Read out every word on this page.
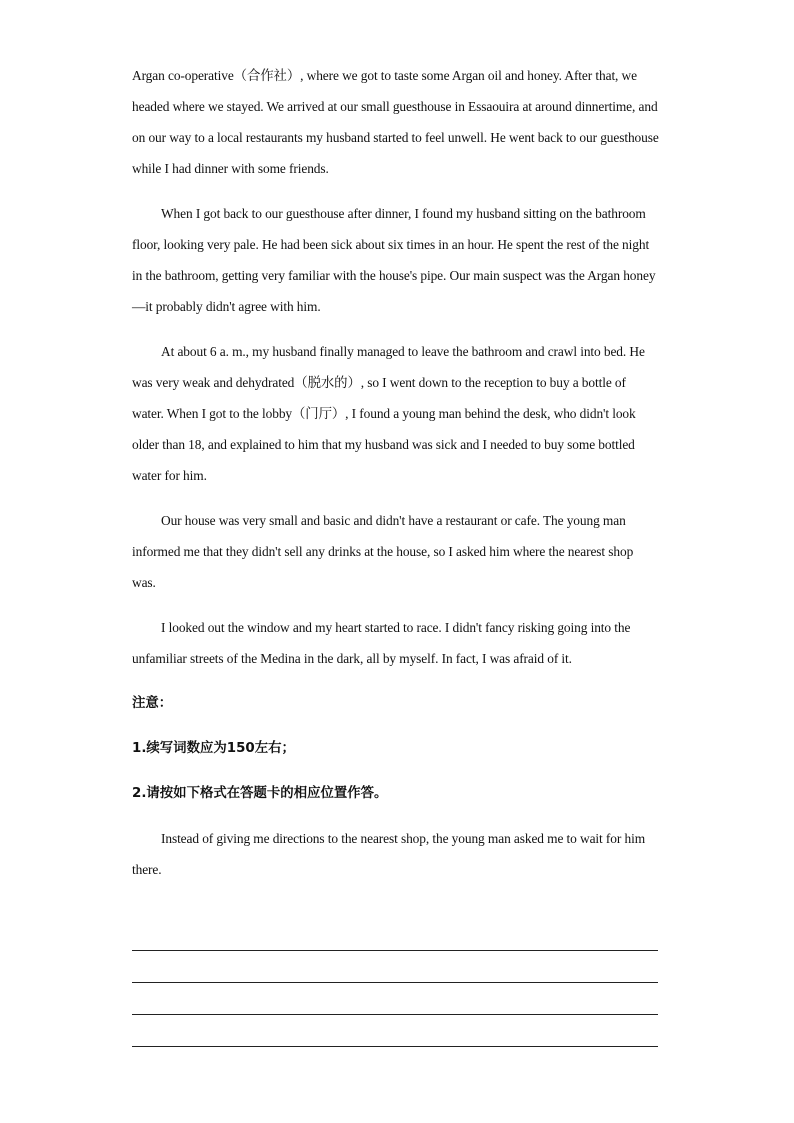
Argan co-operative（合作社）, where we got to taste some Argan oil and honey. After that, we headed where we stayed. We arrived at our small guesthouse in Essaouira at around dinnertime, and on our way to a local restaurants my husband started to feel unwell. He went back to our guesthouse while I had dinner with some friends.

When I got back to our guesthouse after dinner, I found my husband sitting on the bathroom floor, looking very pale. He had been sick about six times in an hour. He spent the rest of the night in the bathroom, getting very familiar with the house's pipe. Our main suspect was the Argan honey—it probably didn't agree with him.

At about 6 a. m., my husband finally managed to leave the bathroom and crawl into bed. He was very weak and dehydrated（脱水的）, so I went down to the reception to buy a bottle of water. When I got to the lobby（门厅）, I found a young man behind the desk, who didn't look older than 18, and explained to him that my husband was sick and I needed to buy some bottled water for him.

Our house was very small and basic and didn't have a restaurant or cafe. The young man informed me that they didn't sell any drinks at the house, so I asked him where the nearest shop was.

I looked out the window and my heart started to race. I didn't fancy risking going into the unfamiliar streets of the Medina in the dark, all by myself. In fact, I was afraid of it.

注意：

1.续写词数应为150左右；

2.请按如下格式在答题卡的相应位置作答。

Instead of giving me directions to the nearest shop, the young man asked me to wait for him there.
